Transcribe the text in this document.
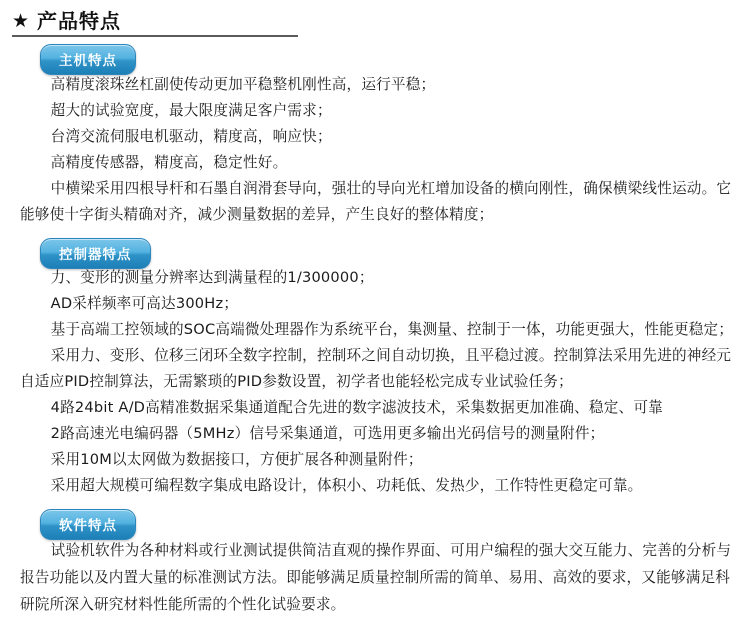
★ 产品特点
主机特点

高精度滚珠丝杠副使传动更加平稳整机刚性高，运行平稳；

超大的试验宽度，最大限度满足客户需求；

台湾交流伺服电机驱动，精度高，响应快；

高精度传感器，精度高，稳定性好。

中横梁采用四根导杆和石墨自润滑套导向，强壮的导向光杠增加设备的横向刚性，确保横梁线性运动。它能够使十字街头精确对齐，减少测量数据的差异，产生良好的整体精度；

控制器特点

力、变形的测量分辨率达到满量程的1/300000；

AD采样频率可高达300Hz；

基于高端工控领域的SOC高端微处理器作为系统平台，集测量、控制于一体，功能更强大，性能更稳定；

采用力、变形、位移三闭环全数字控制，控制环之间自动切换，且平稳过渡。控制算法采用先进的神经元自适应PID控制算法，无需繁琐的PID参数设置，初学者也能轻松完成专业试验任务；

4路24bit A/D高精准数据采集通道配合先进的数字滤波技术，采集数据更加准确、稳定、可靠

2路高速光电编码器（5MHz）信号采集通道，可选用更多输出光码信号的测量附件；

采用10M以太网做为数据接口，方便扩展各种测量附件；

采用超大规模可编程数字集成电路设计，体积小、功耗低、发热少，工作特性更稳定可靠。

软件特点

试验机软件为各种材料或行业测试提供简洁直观的操作界面、可用户编程的强大交互能力、完善的分析与报告功能以及内置大量的标准测试方法。即能够满足质量控制所需的简单、易用、高效的要求，又能够满足科研院所深入研究材料性能所需的个性化试验要求。
